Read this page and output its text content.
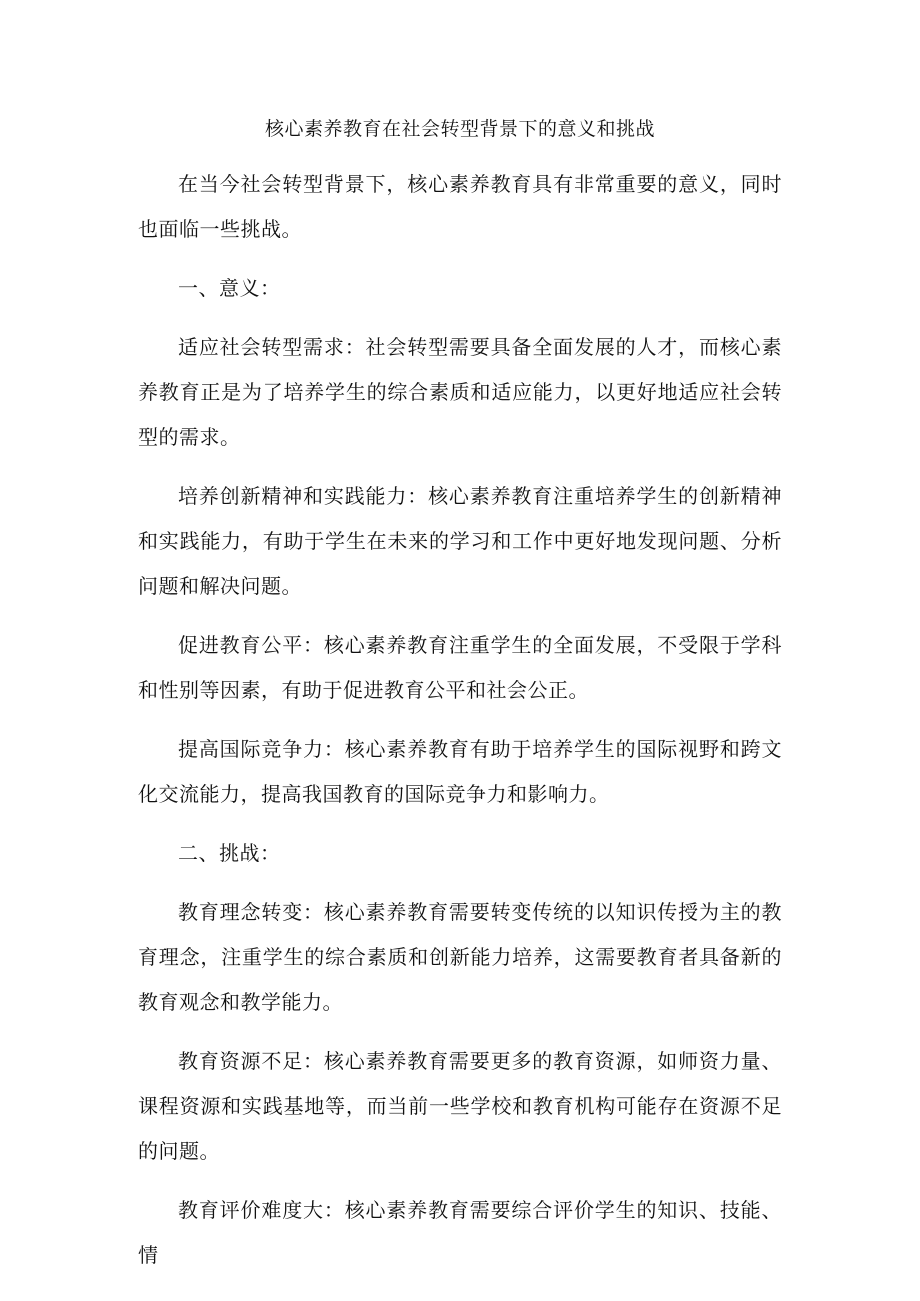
核心素养教育在社会转型背景下的意义和挑战

在当今社会转型背景下，核心素养教育具有非常重要的意义，同时也面临一些挑战。

一、意义：

适应社会转型需求：社会转型需要具备全面发展的人才，而核心素养教育正是为了培养学生的综合素质和适应能力，以更好地适应社会转型的需求。

培养创新精神和实践能力：核心素养教育注重培养学生的创新精神和实践能力，有助于学生在未来的学习和工作中更好地发现问题、分析问题和解决问题。

促进教育公平：核心素养教育注重学生的全面发展，不受限于学科和性别等因素，有助于促进教育公平和社会公正。

提高国际竞争力：核心素养教育有助于培养学生的国际视野和跨文化交流能力，提高我国教育的国际竞争力和影响力。

二、挑战：

教育理念转变：核心素养教育需要转变传统的以知识传授为主的教育理念，注重学生的综合素质和创新能力培养，这需要教育者具备新的教育观念和教学能力。

教育资源不足：核心素养教育需要更多的教育资源，如师资力量、课程资源和实践基地等，而当前一些学校和教育机构可能存在资源不足的问题。

教育评价难度大：核心素养教育需要综合评价学生的知识、技能、情
